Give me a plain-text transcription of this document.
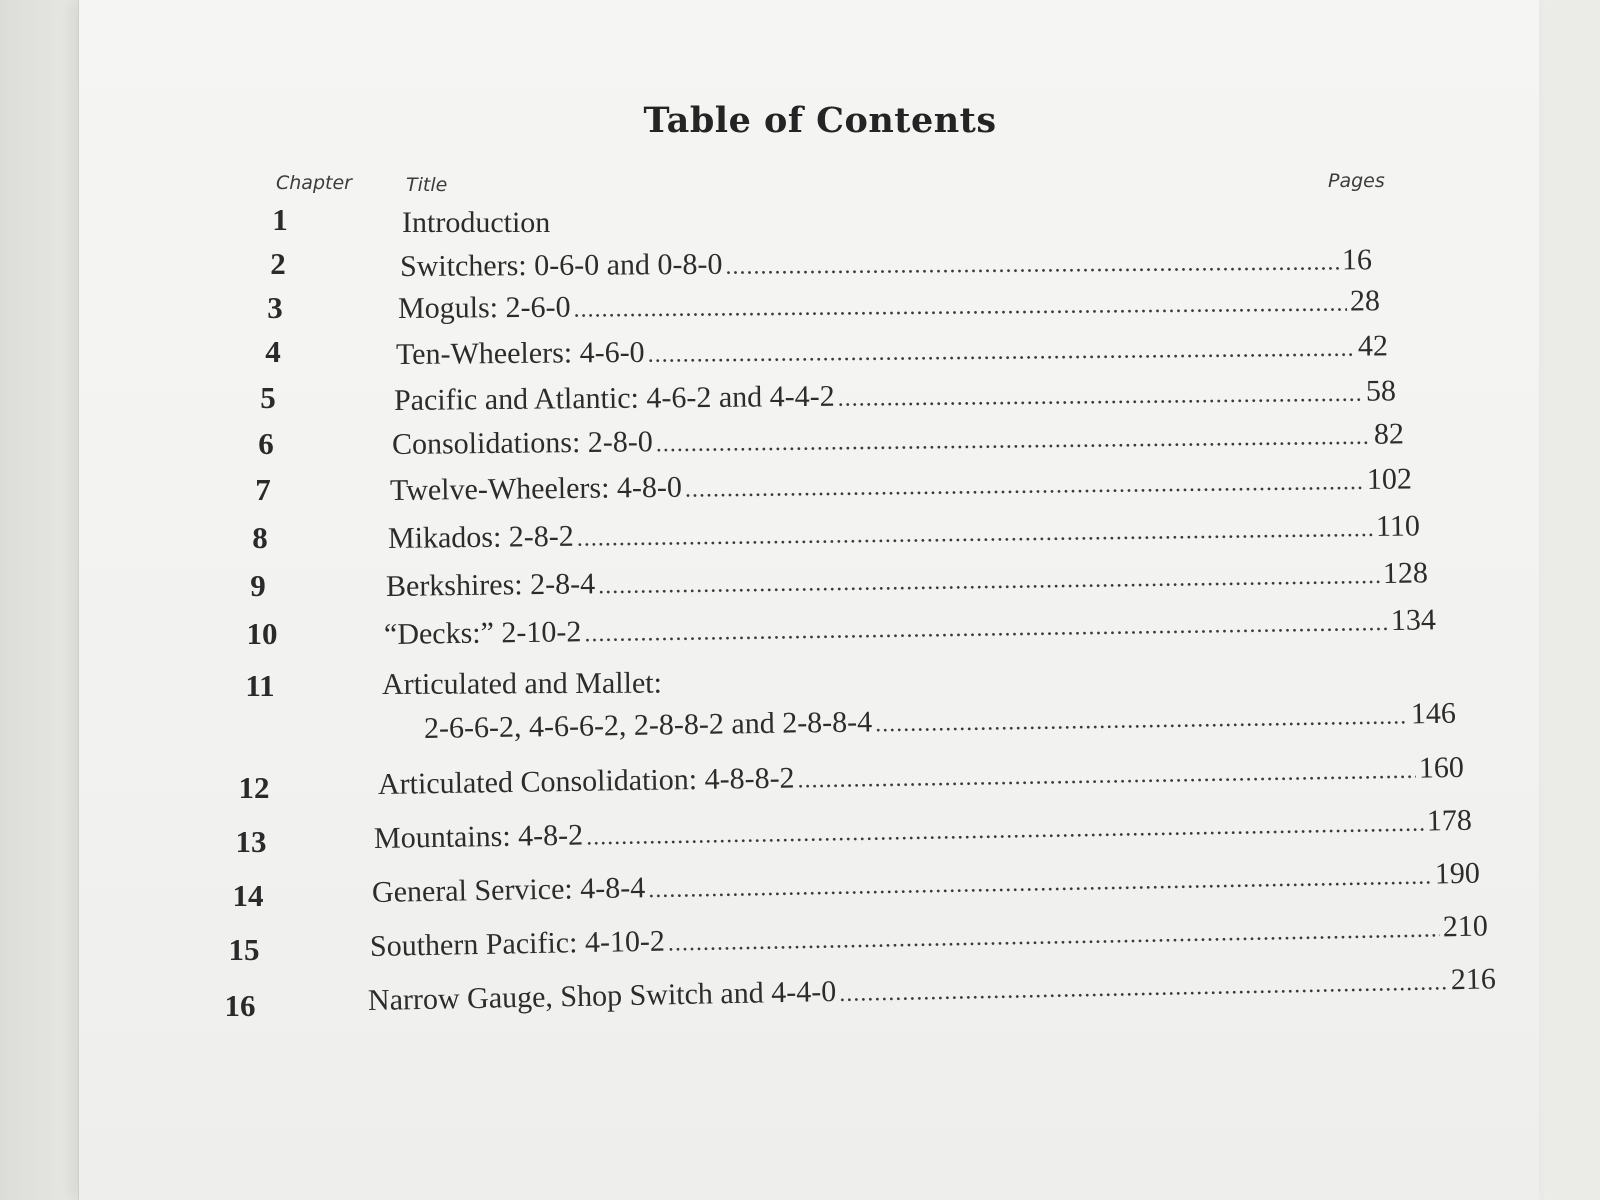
Table of Contents
Chapter	Title	Pages
1	Introduction
2	Switchers: 0-6-0 and 0-8-0 .....	16
3	Moguls: 2-6-0 .....	28
4	Ten-Wheelers: 4-6-0 .....	42
5	Pacific and Atlantic: 4-6-2 and 4-4-2 .....	58
6	Consolidations: 2-8-0 .....	82
7	Twelve-Wheelers: 4-8-0 .....	102
8	Mikados: 2-8-2 .....	110
9	Berkshires: 2-8-4 .....	128
10	“Decks:” 2-10-2 .....	134
11	Articulated and Mallet:
2-6-6-2, 4-6-6-2, 2-8-8-2 and 2-8-8-4 .....	146
12	Articulated Consolidation: 4-8-8-2 .....	160
13	Mountains: 4-8-2 .....	178
14	General Service: 4-8-4 .....	190
15	Southern Pacific: 4-10-2 .....	210
16	Narrow Gauge, Shop Switch and 4-4-0 .....	216
